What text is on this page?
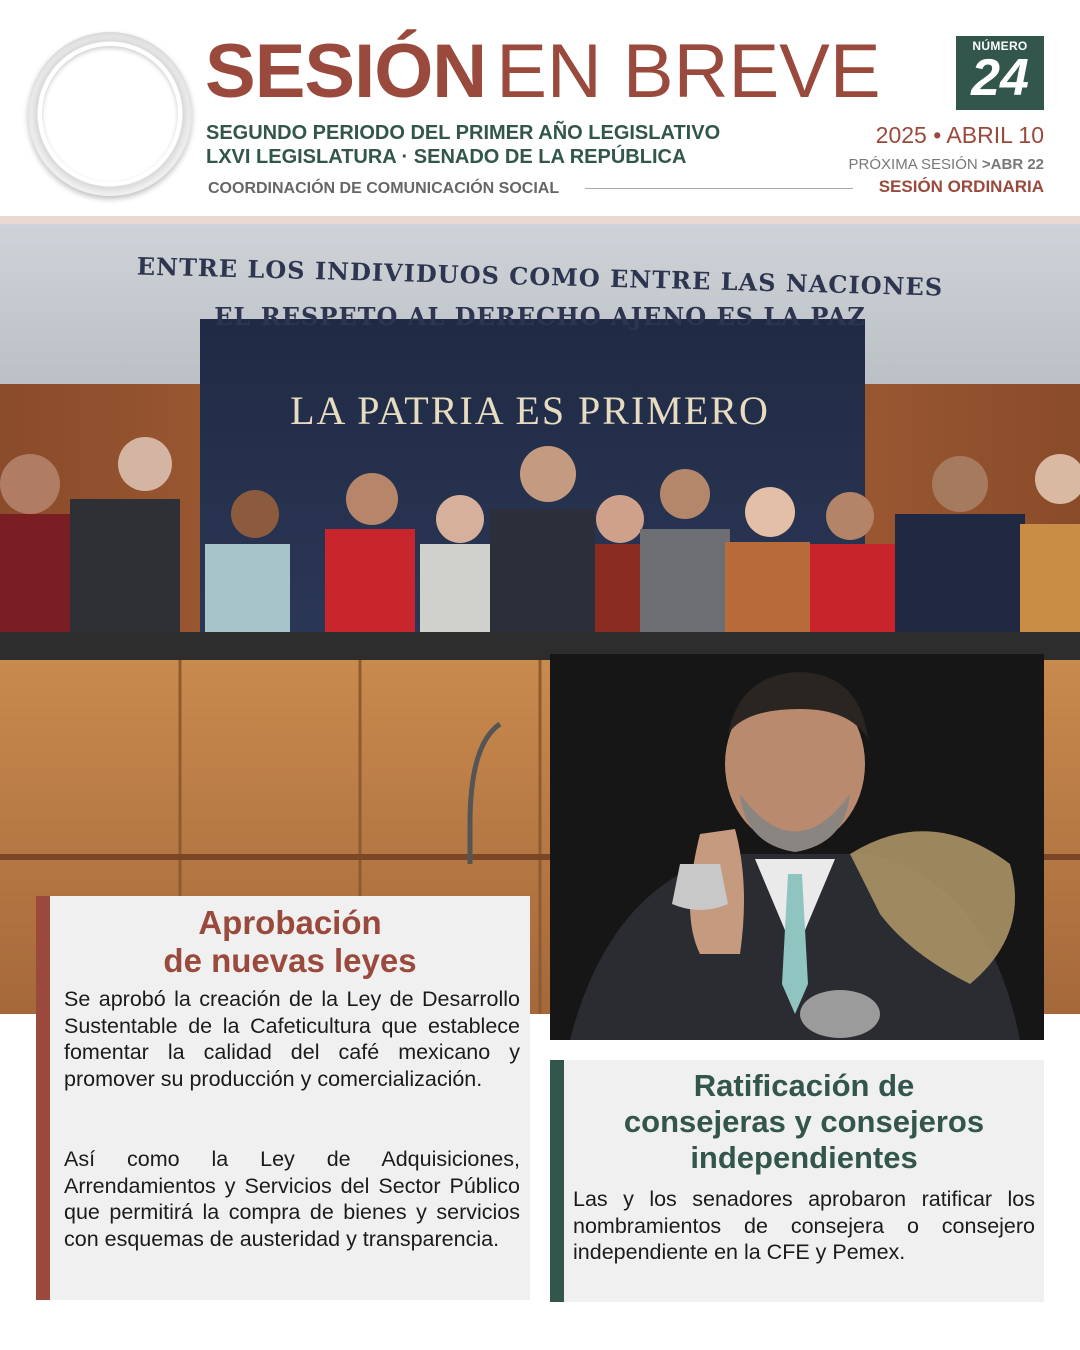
SESIÓN EN BREVE
SEGUNDO PERIODO DEL PRIMER AÑO LEGISLATIVO
LXVI LEGISLATURA · SENADO DE LA REPÚBLICA
COORDINACIÓN DE COMUNICACIÓN SOCIAL
NÚMERO
24
2025 • ABRIL 10
PRÓXIMA SESIÓN >ABR 22
SESIÓN ORDINARIA
ENTRE LOS INDIVIDUOS COMO ENTRE LAS NACIONES
EL RESPETO AL DERECHO AJENO ES LA PAZ
LA PATRIA ES PRIMERO
Aprobación
de nuevas leyes
Se aprobó la creación de la Ley de Desarrollo Sustentable de la Cafeticultura que establece fomentar la calidad del café mexicano y promover su producción y comercialización.
Así como la Ley de Adquisiciones, Arrendamientos y Servicios del Sector Público que permitirá la compra de bienes y servicios con esquemas de austeridad y transparencia.
Ratificación de
consejeras y consejeros
independientes
Las y los senadores aprobaron ratificar los nombramientos de consejera o consejero independiente en la CFE y Pemex.
